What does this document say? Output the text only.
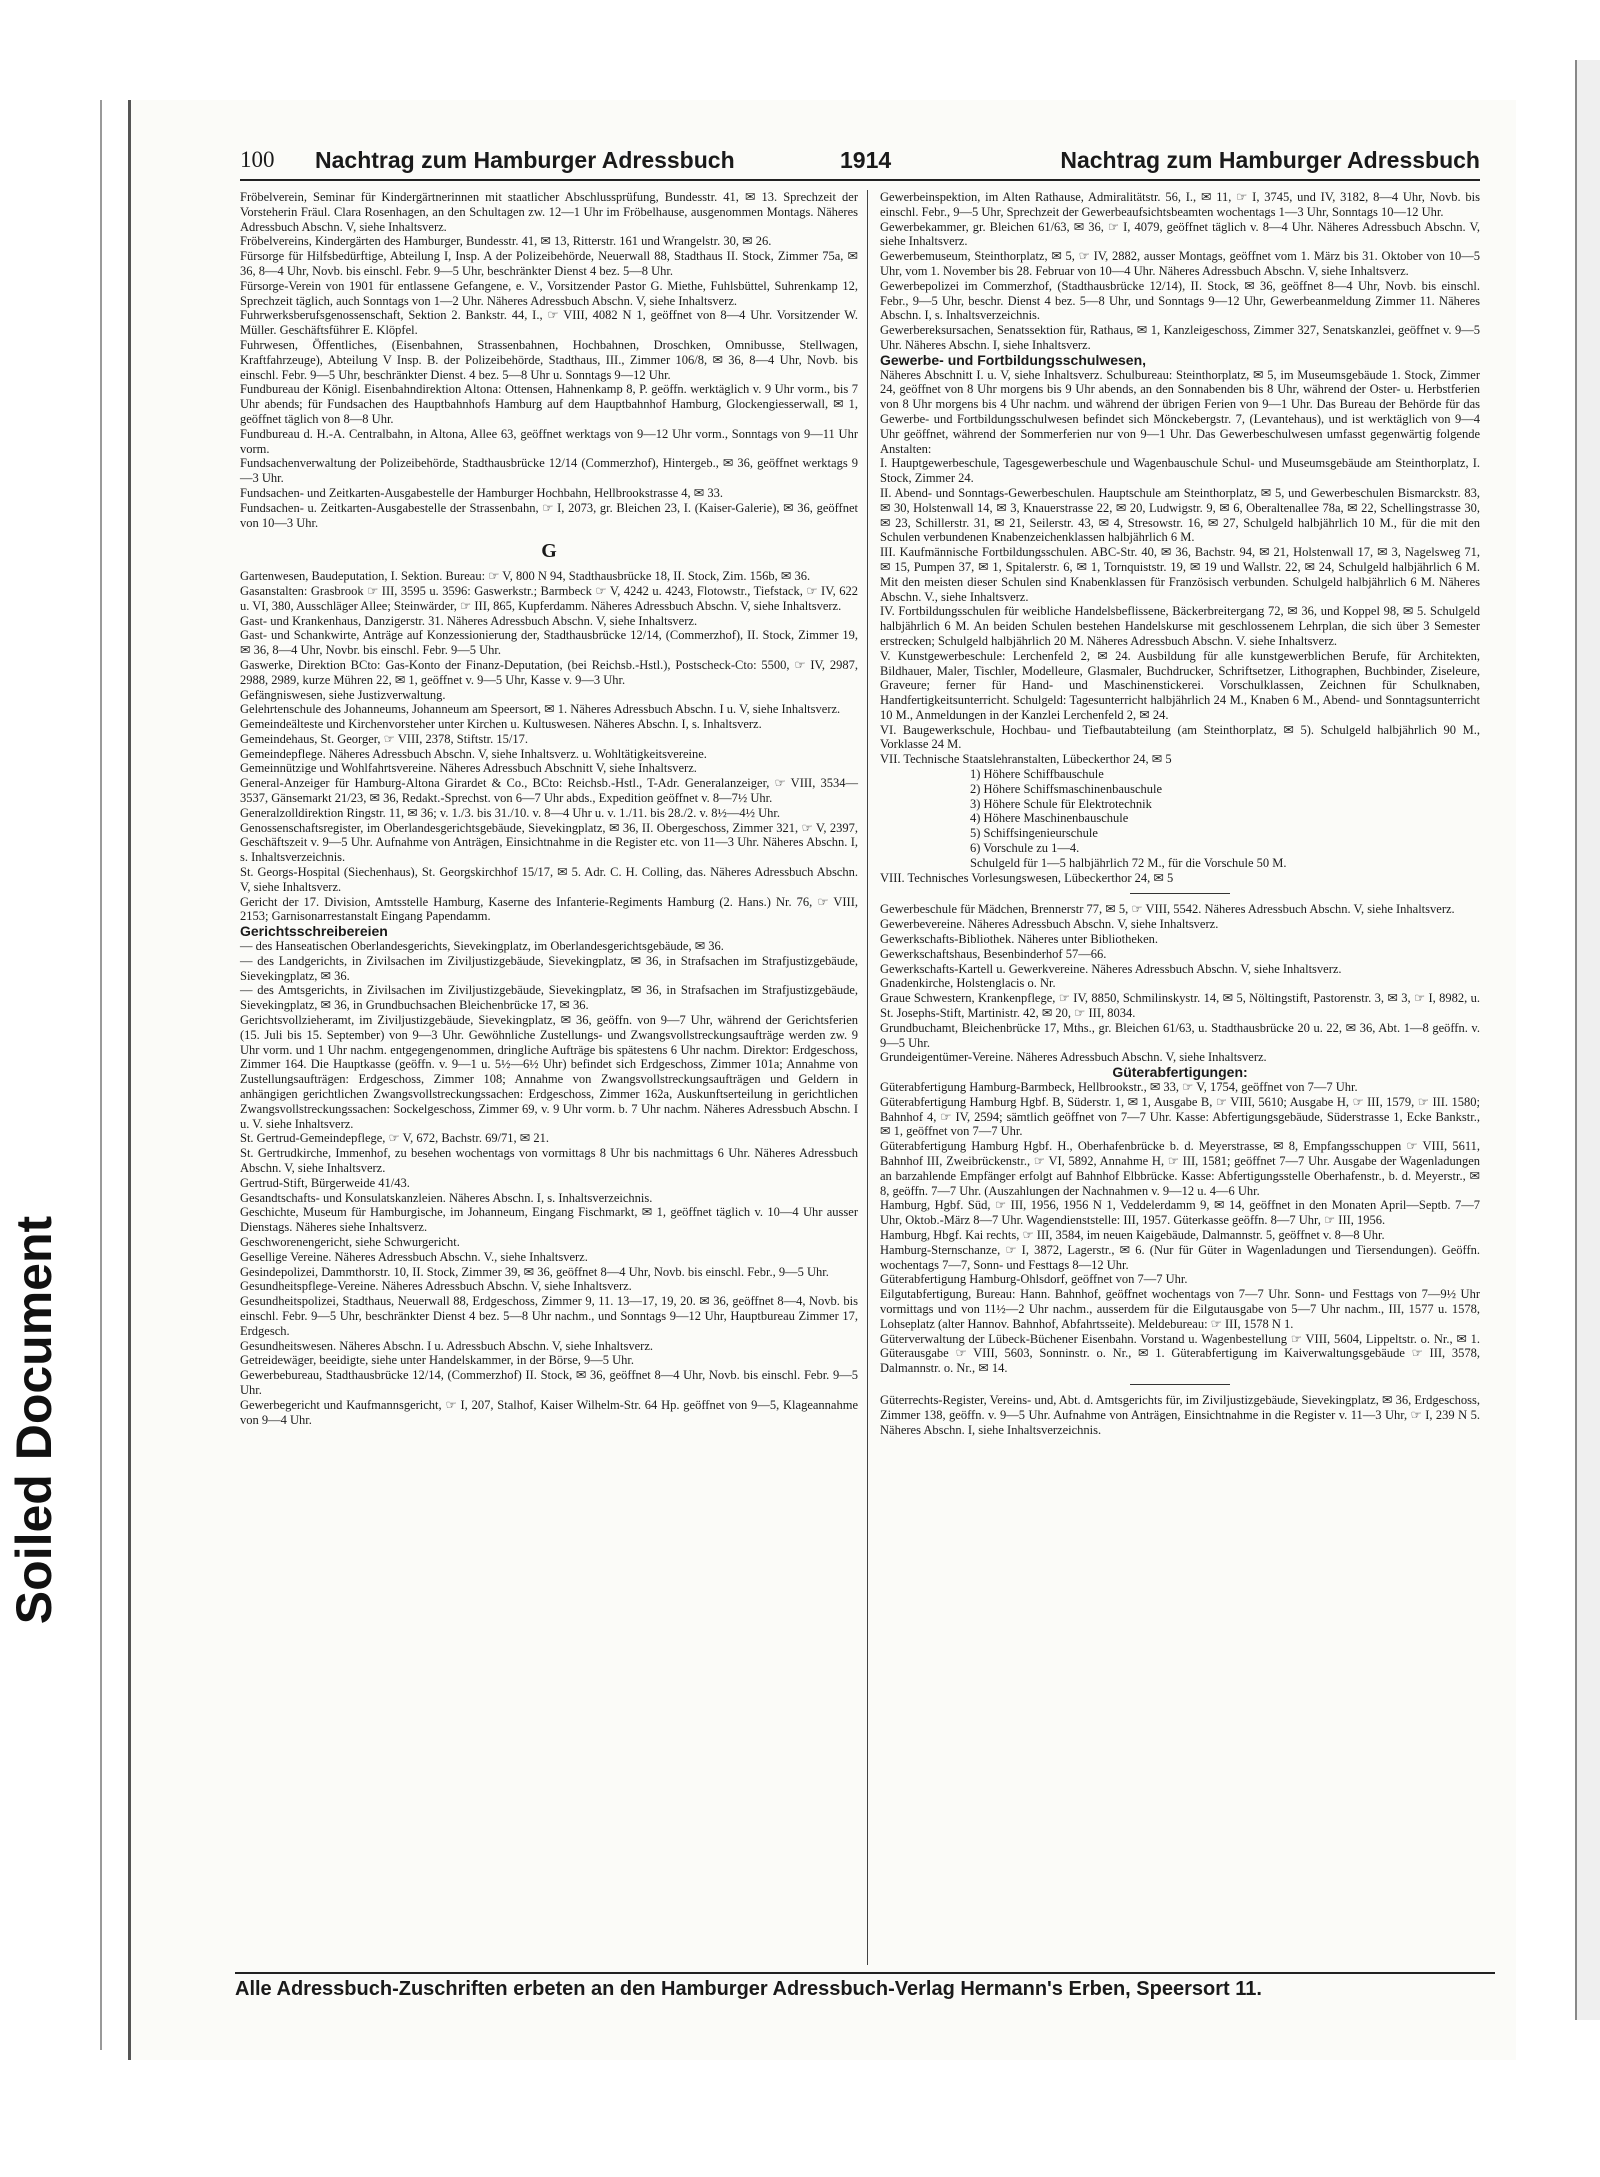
Soiled Document
100 Nachtrag zum Hamburger Adressbuch	1914	Nachtrag zum Hamburger Adressbuch

Fröbelverein, Seminar für Kindergärtnerinnen mit staatlicher Abschlussprüfung, Bundesstr. 41, ✉ 13. Sprechzeit der Vorsteherin Fräul. Clara Rosenhagen, an den Schultagen zw. 12—1 Uhr im Fröbelhause, ausgenommen Montags. Näheres Adressbuch Abschn. V, siehe Inhaltsverz.

Fröbelvereins, Kindergärten des Hamburger, Bundesstr. 41, ✉ 13, Ritterstr. 161 und Wrangelstr. 30, ✉ 26.

Fürsorge für Hilfsbedürftige, Abteilung I, Insp. A der Polizeibehörde, Neuerwall 88, Stadthaus II. Stock, Zimmer 75a, ✉ 36, 8—4 Uhr, Novb. bis einschl. Febr. 9—5 Uhr, beschränkter Dienst 4 bez. 5—8 Uhr.

Fürsorge-Verein von 1901 für entlassene Gefangene, e. V., Vorsitzender Pastor G. Miethe, Fuhlsbüttel, Suhrenkamp 12, Sprechzeit täglich, auch Sonntags von 1—2 Uhr. Näheres Adressbuch Abschn. V, siehe Inhaltsverz.

Fuhrwerksberufsgenossenschaft, Sektion 2. Bankstr. 44, I., ☞ VIII, 4082 N 1, geöffnet von 8—4 Uhr. Vorsitzender W. Müller. Geschäftsführer E. Klöpfel.

Fuhrwesen, Öffentliches, (Eisenbahnen, Strassenbahnen, Hochbahnen, Droschken, Omnibusse, Stellwagen, Kraftfahrzeuge), Abteilung V Insp. B. der Polizeibehörde, Stadthaus, III., Zimmer 106/8, ✉ 36, 8—4 Uhr, Novb. bis einschl. Febr. 9—5 Uhr, beschränkter Dienst. 4 bez. 5—8 Uhr u. Sonntags 9—12 Uhr.

Fundbureau der Königl. Eisenbahndirektion Altona: Ottensen, Hahnenkamp 8, P. geöffn. werktäglich v. 9 Uhr vorm., bis 7 Uhr abends; für Fundsachen des Hauptbahnhofs Hamburg auf dem Hauptbahnhof Hamburg, Glockengiesserwall, ✉ 1, geöffnet täglich von 8—8 Uhr.

Fundbureau d. H.-A. Centralbahn, in Altona, Allee 63, geöffnet werktags von 9—12 Uhr vorm., Sonntags von 9—11 Uhr vorm.

Fundsachenverwaltung der Polizeibehörde, Stadthausbrücke 12/14 (Commerzhof), Hintergeb., ✉ 36, geöffnet werktags 9—3 Uhr.

Fundsachen- und Zeitkarten-Ausgabestelle der Hamburger Hochbahn, Hellbrookstrasse 4, ✉ 33.

Fundsachen- u. Zeitkarten-Ausgabestelle der Strassenbahn, ☞ I, 2073, gr. Bleichen 23, I. (Kaiser-Galerie), ✉ 36, geöffnet von 10—3 Uhr.

G

Gartenwesen, Baudeputation, I. Sektion. Bureau: ☞ V, 800 N 94, Stadthausbrücke 18, II. Stock, Zim. 156b, ✉ 36.

Gasanstalten: Grasbrook ☞ III, 3595 u. 3596: Gaswerkstr.; Barmbeck ☞ V, 4242 u. 4243, Flotowstr., Tiefstack, ☞ IV, 622 u. VI, 380, Ausschläger Allee; Steinwärder, ☞ III, 865, Kupferdamm. Näheres Adressbuch Abschn. V, siehe Inhaltsverz.

Gast- und Krankenhaus, Danzigerstr. 31. Näheres Adressbuch Abschn. V, siehe Inhaltsverz.

Gast- und Schankwirte, Anträge auf Konzessionierung der, Stadthausbrücke 12/14, (Commerzhof), II. Stock, Zimmer 19, ✉ 36, 8—4 Uhr, Novbr. bis einschl. Febr. 9—5 Uhr.

Gaswerke, Direktion BCto: Gas-Konto der Finanz-Deputation, (bei Reichsb.-Hstl.), Postscheck-Cto: 5500, ☞ IV, 2987, 2988, 2989, kurze Mühren 22, ✉ 1, geöffnet v. 9—5 Uhr, Kasse v. 9—3 Uhr.

Gefängniswesen, siehe Justizverwaltung.

Gelehrtenschule des Johanneums, Johanneum am Speersort, ✉ 1. Näheres Adressbuch Abschn. I u. V, siehe Inhaltsverz.

Gemeindeälteste und Kirchenvorsteher unter Kirchen u. Kultuswesen. Näheres Abschn. I, s. Inhaltsverz.

Gemeindehaus, St. Georger, ☞ VIII, 2378, Stiftstr. 15/17.

Gemeindepflege. Näheres Adressbuch Abschn. V, siehe Inhaltsverz. u. Wohltätigkeitsvereine.

Gemeinnützige und Wohlfahrtsvereine. Näheres Adressbuch Abschnitt V, siehe Inhaltsverz.

General-Anzeiger für Hamburg-Altona Girardet & Co., BCto: Reichsb.-Hstl., T-Adr. Generalanzeiger, ☞ VIII, 3534—3537, Gänsemarkt 21/23, ✉ 36, Redakt.-Sprechst. von 6—7 Uhr abds., Expedition geöffnet v. 8—7½ Uhr.

Generalzolldirektion Ringstr. 11, ✉ 36; v. 1./3. bis 31./10. v. 8—4 Uhr u. v. 1./11. bis 28./2. v. 8½—4½ Uhr.

Genossenschaftsregister, im Oberlandesgerichtsgebäude, Sievekingplatz, ✉ 36, II. Obergeschoss, Zimmer 321, ☞ V, 2397, Geschäftszeit v. 9—5 Uhr. Aufnahme von Anträgen, Einsichtnahme in die Register etc. von 11—3 Uhr. Näheres Abschn. I, s. Inhaltsverzeichnis.

St. Georgs-Hospital (Siechenhaus), St. Georgskirchhof 15/17, ✉ 5. Adr. C. H. Colling, das. Näheres Adressbuch Abschn. V, siehe Inhaltsverz.

Gericht der 17. Division, Amtsstelle Hamburg, Kaserne des Infanterie-Regiments Hamburg (2. Hans.) Nr. 76, ☞ VIII, 2153; Garnisonarrestanstalt Eingang Papendamm.

Gerichtsschreibereien

— des Hanseatischen Oberlandesgerichts, Sievekingplatz, im Oberlandesgerichtsgebäude, ✉ 36.

— des Landgerichts, in Zivilsachen im Ziviljustizgebäude, Sievekingplatz, ✉ 36, in Strafsachen im Strafjustizgebäude, Sievekingplatz, ✉ 36.

— des Amtsgerichts, in Zivilsachen im Ziviljustizgebäude, Sievekingplatz, ✉ 36, in Strafsachen im Strafjustizgebäude, Sievekingplatz, ✉ 36, in Grundbuchsachen Bleichenbrücke 17, ✉ 36.

Gerichtsvollzieheramt, im Ziviljustizgebäude, Sievekingplatz, ✉ 36, geöffn. von 9—7 Uhr, während der Gerichtsferien (15. Juli bis 15. September) von 9—3 Uhr. Gewöhnliche Zustellungs- und Zwangsvollstreckungsaufträge werden zw. 9 Uhr vorm. und 1 Uhr nachm. entgegengenommen, dringliche Aufträge bis spätestens 6 Uhr nachm. Direktor: Erdgeschoss, Zimmer 164. Die Hauptkasse (geöffn. v. 9—1 u. 5½—6½ Uhr) befindet sich Erdgeschoss, Zimmer 101a; Annahme von Zustellungsaufträgen: Erdgeschoss, Zimmer 108; Annahme von Zwangsvollstreckungsaufträgen und Geldern in anhängigen gerichtlichen Zwangsvollstreckungssachen: Erdgeschoss, Zimmer 162a, Auskunftserteilung in gerichtlichen Zwangsvollstreckungssachen: Sockelgeschoss, Zimmer 69, v. 9 Uhr vorm. b. 7 Uhr nachm. Näheres Adressbuch Abschn. I u. V. siehe Inhaltsverz.

St. Gertrud-Gemeindepflege, ☞ V, 672, Bachstr. 69/71, ✉ 21.

St. Gertrudkirche, Immenhof, zu besehen wochentags von vormittags 8 Uhr bis nachmittags 6 Uhr. Näheres Adressbuch Abschn. V, siehe Inhaltsverz.

Gertrud-Stift, Bürgerweide 41/43.

Gesandtschafts- und Konsulatskanzleien. Näheres Abschn. I, s. Inhaltsverzeichnis.

Geschichte, Museum für Hamburgische, im Johanneum, Eingang Fischmarkt, ✉ 1, geöffnet täglich v. 10—4 Uhr ausser Dienstags. Näheres siehe Inhaltsverz.

Geschworenengericht, siehe Schwurgericht.

Gesellige Vereine. Näheres Adressbuch Abschn. V., siehe Inhaltsverz.

Gesindepolizei, Dammthorstr. 10, II. Stock, Zimmer 39, ✉ 36, geöffnet 8—4 Uhr, Novb. bis einschl. Febr., 9—5 Uhr.

Gesundheitspflege-Vereine. Näheres Adressbuch Abschn. V, siehe Inhaltsverz.

Gesundheitspolizei, Stadthaus, Neuerwall 88, Erdgeschoss, Zimmer 9, 11. 13—17, 19, 20. ✉ 36, geöffnet 8—4, Novb. bis einschl. Febr. 9—5 Uhr, beschränkter Dienst 4 bez. 5—8 Uhr nachm., und Sonntags 9—12 Uhr, Hauptbureau Zimmer 17, Erdgesch.

Gesundheitswesen. Näheres Abschn. I u. Adressbuch Abschn. V, siehe Inhaltsverz.

Getreidewäger, beeidigte, siehe unter Handelskammer, in der Börse, 9—5 Uhr.

Gewerbebureau, Stadthausbrücke 12/14, (Commerzhof) II. Stock, ✉ 36, geöffnet 8—4 Uhr, Novb. bis einschl. Febr. 9—5 Uhr.

Gewerbegericht und Kaufmannsgericht, ☞ I, 207, Stalhof, Kaiser Wilhelm-Str. 64 Hp. geöffnet von 9—5, Klageannahme von 9—4 Uhr.

Gewerbeinspektion, im Alten Rathause, Admiralitätstr. 56, I., ✉ 11, ☞ I, 3745, und IV, 3182, 8—4 Uhr, Novb. bis einschl. Febr., 9—5 Uhr, Sprechzeit der Gewerbeaufsichtsbeamten wochentags 1—3 Uhr, Sonntags 10—12 Uhr.

Gewerbekammer, gr. Bleichen 61/63, ✉ 36, ☞ I, 4079, geöffnet täglich v. 8—4 Uhr. Näheres Adressbuch Abschn. V, siehe Inhaltsverz.

Gewerbemuseum, Steinthorplatz, ✉ 5, ☞ IV, 2882, ausser Montags, geöffnet vom 1. März bis 31. Oktober von 10—5 Uhr, vom 1. November bis 28. Februar von 10—4 Uhr. Näheres Adressbuch Abschn. V, siehe Inhaltsverz.

Gewerbepolizei im Commerzhof, (Stadthausbrücke 12/14), II. Stock, ✉ 36, geöffnet 8—4 Uhr, Novb. bis einschl. Febr., 9—5 Uhr, beschr. Dienst 4 bez. 5—8 Uhr, und Sonntags 9—12 Uhr, Gewerbeanmeldung Zimmer 11. Näheres Abschn. I, s. Inhaltsverzeichnis.

Gewerbereksursachen, Senatssektion für, Rathaus, ✉ 1, Kanzleigeschoss, Zimmer 327, Senatskanzlei, geöffnet v. 9—5 Uhr. Näheres Abschn. I, siehe Inhaltsverz.

Gewerbe- und Fortbildungsschulwesen,

Näheres Abschnitt I. u. V, siehe Inhaltsverz. Schulbureau: Steinthorplatz, ✉ 5, im Museumsgebäude 1. Stock, Zimmer 24, geöffnet von 8 Uhr morgens bis 9 Uhr abends, an den Sonnabenden bis 8 Uhr, während der Oster- u. Herbstferien von 8 Uhr morgens bis 4 Uhr nachm. und während der übrigen Ferien von 9—1 Uhr. Das Bureau der Behörde für das Gewerbe- und Fortbildungsschulwesen befindet sich Mönckebergstr. 7, (Levantehaus), und ist werktäglich von 9—4 Uhr geöffnet, während der Sommerferien nur von 9—1 Uhr. Das Gewerbeschulwesen umfasst gegenwärtig folgende Anstalten:

I. Hauptgewerbeschule, Tagesgewerbeschule und Wagenbauschule Schul- und Museumsgebäude am Steinthorplatz, I. Stock, Zimmer 24.

II. Abend- und Sonntags-Gewerbeschulen. Hauptschule am Steinthorplatz, ✉ 5, und Gewerbeschulen Bismarckstr. 83, ✉ 30, Holstenwall 14, ✉ 3, Knauerstrasse 22, ✉ 20, Ludwigstr. 9, ✉ 6, Oberaltenallee 78a, ✉ 22, Schellingstrasse 30, ✉ 23, Schillerstr. 31, ✉ 21, Seilerstr. 43, ✉ 4, Stresowstr. 16, ✉ 27, Schulgeld halbjährlich 10 M., für die mit den Schulen verbundenen Knabenzeichenklassen halbjährlich 6 M.

III. Kaufmännische Fortbildungsschulen. ABC-Str. 40, ✉ 36, Bachstr. 94, ✉ 21, Holstenwall 17, ✉ 3, Nagelsweg 71, ✉ 15, Pumpen 37, ✉ 1, Spitalerstr. 6, ✉ 1, Tornquiststr. 19, ✉ 19 und Wallstr. 22, ✉ 24, Schulgeld halbjährlich 6 M. Mit den meisten dieser Schulen sind Knabenklassen für Französisch verbunden. Schulgeld halbjährlich 6 M. Näheres Abschn. V., siehe Inhaltsverz.

IV. Fortbildungsschulen für weibliche Handelsbeflissene, Bäckerbreitergang 72, ✉ 36, und Koppel 98, ✉ 5. Schulgeld halbjährlich 6 M. An beiden Schulen bestehen Handelskurse mit geschlossenem Lehrplan, die sich über 3 Semester erstrecken; Schulgeld halbjährlich 20 M. Näheres Adressbuch Abschn. V. siehe Inhaltsverz.

V. Kunstgewerbeschule: Lerchenfeld 2, ✉ 24. Ausbildung für alle kunstgewerblichen Berufe, für Architekten, Bildhauer, Maler, Tischler, Modelleure, Glasmaler, Buchdrucker, Schriftsetzer, Lithographen, Buchbinder, Ziseleure, Graveure; ferner für Hand- und Maschinenstickerei. Vorschulklassen, Zeichnen für Schulknaben, Handfertigkeitsunterricht. Schulgeld: Tagesunterricht halbjährlich 24 M., Knaben 6 M., Abend- und Sonntagsunterricht 10 M., Anmeldungen in der Kanzlei Lerchenfeld 2, ✉ 24.

VI. Baugewerkschule, Hochbau- und Tiefbautabteilung (am Steinthorplatz, ✉ 5). Schulgeld halbjährlich 90 M., Vorklasse 24 M.

VII. Technische Staatslehranstalten, Lübeckerthor 24, ✉ 5

1) Höhere Schiffbauschule

2) Höhere Schiffsmaschinenbauschule

3) Höhere Schule für Elektrotechnik

4) Höhere Maschinenbauschule

5) Schiffsingenieurschule

6) Vorschule zu 1—4.

Schulgeld für 1—5 halbjährlich 72 M., für die Vorschule 50 M.

VIII. Technisches Vorlesungswesen, Lübeckerthor 24, ✉ 5

Gewerbeschule für Mädchen, Brennerstr 77, ✉ 5, ☞ VIII, 5542. Näheres Adressbuch Abschn. V, siehe Inhaltsverz.

Gewerbevereine. Näheres Adressbuch Abschn. V, siehe Inhaltsverz.

Gewerkschafts-Bibliothek. Näheres unter Bibliotheken.

Gewerkschaftshaus, Besenbinderhof 57—66.

Gewerkschafts-Kartell u. Gewerkvereine. Näheres Adressbuch Abschn. V, siehe Inhaltsverz.

Gnadenkirche, Holstenglacis o. Nr.

Graue Schwestern, Krankenpflege, ☞ IV, 8850, Schmilinskystr. 14, ✉ 5, Nöltingstift, Pastorenstr. 3, ✉ 3, ☞ I, 8982, u. St. Josephs-Stift, Martinistr. 42, ✉ 20, ☞ III, 8034.

Grundbuchamt, Bleichenbrücke 17, Mths., gr. Bleichen 61/63, u. Stadthausbrücke 20 u. 22, ✉ 36, Abt. 1—8 geöffn. v. 9—5 Uhr.

Grundeigentümer-Vereine. Näheres Adressbuch Abschn. V, siehe Inhaltsverz.

Güterabfertigungen:

Güterabfertigung Hamburg-Barmbeck, Hellbrookstr., ✉ 33, ☞ V, 1754, geöffnet von 7—7 Uhr.

Güterabfertigung Hamburg Hgbf. B, Süderstr. 1, ✉ 1, Ausgabe B, ☞ VIII, 5610; Ausgabe H, ☞ III, 1579, ☞ III. 1580; Bahnhof 4, ☞ IV, 2594; sämtlich geöffnet von 7—7 Uhr. Kasse: Abfertigungsgebäude, Süderstrasse 1, Ecke Bankstr., ✉ 1, geöffnet von 7—7 Uhr.

Güterabfertigung Hamburg Hgbf. H., Oberhafenbrücke b. d. Meyerstrasse, ✉ 8, Empfangsschuppen ☞ VIII, 5611, Bahnhof III, Zweibrückenstr., ☞ VI, 5892, Annahme H, ☞ III, 1581; geöffnet 7—7 Uhr. Ausgabe der Wagenladungen an barzahlende Empfänger erfolgt auf Bahnhof Elbbrücke. Kasse: Abfertigungsstelle Oberhafenstr., b. d. Meyerstr., ✉ 8, geöffn. 7—7 Uhr. (Auszahlungen der Nachnahmen v. 9—12 u. 4—6 Uhr.

Hamburg, Hgbf. Süd, ☞ III, 1956, 1956 N 1, Veddelerdamm 9, ✉ 14, geöffnet in den Monaten April—Septb. 7—7 Uhr, Oktob.-März 8—7 Uhr. Wagendienststelle: III, 1957. Güterkasse geöffn. 8—7 Uhr, ☞ III, 1956.

Hamburg, Hbgf. Kai rechts, ☞ III, 3584, im neuen Kaigebäude, Dalmannstr. 5, geöffnet v. 8—8 Uhr.

Hamburg-Sternschanze, ☞ I, 3872, Lagerstr., ✉ 6. (Nur für Güter in Wagenladungen und Tiersendungen). Geöffn. wochentags 7—7, Sonn- und Festtags 8—12 Uhr.

Güterabfertigung Hamburg-Ohlsdorf, geöffnet von 7—7 Uhr.

Eilgutabfertigung, Bureau: Hann. Bahnhof, geöffnet wochentags von 7—7 Uhr. Sonn- und Festtags von 7—9½ Uhr vormittags und von 11½—2 Uhr nachm., ausserdem für die Eilgutausgabe von 5—7 Uhr nachm., III, 1577 u. 1578, Lohseplatz (alter Hannov. Bahnhof, Abfahrtsseite). Meldebureau: ☞ III, 1578 N 1.

Güterverwaltung der Lübeck-Büchener Eisenbahn. Vorstand u. Wagenbestellung ☞ VIII, 5604, Lippeltstr. o. Nr., ✉ 1. Güterausgabe ☞ VIII, 5603, Sonninstr. o. Nr., ✉ 1. Güterabfertigung im Kaiverwaltungsgebäude ☞ III, 3578, Dalmannstr. o. Nr., ✉ 14.

Güterrechts-Register, Vereins- und, Abt. d. Amtsgerichts für, im Ziviljustizgebäude, Sievekingplatz, ✉ 36, Erdgeschoss, Zimmer 138, geöffn. v. 9—5 Uhr. Aufnahme von Anträgen, Einsichtnahme in die Register v. 11—3 Uhr, ☞ I, 239 N 5. Näheres Abschn. I, siehe Inhaltsverzeichnis.

Alle Adressbuch-Zuschriften erbeten an den Hamburger Adressbuch-Verlag Hermann's Erben, Speersort 11.
